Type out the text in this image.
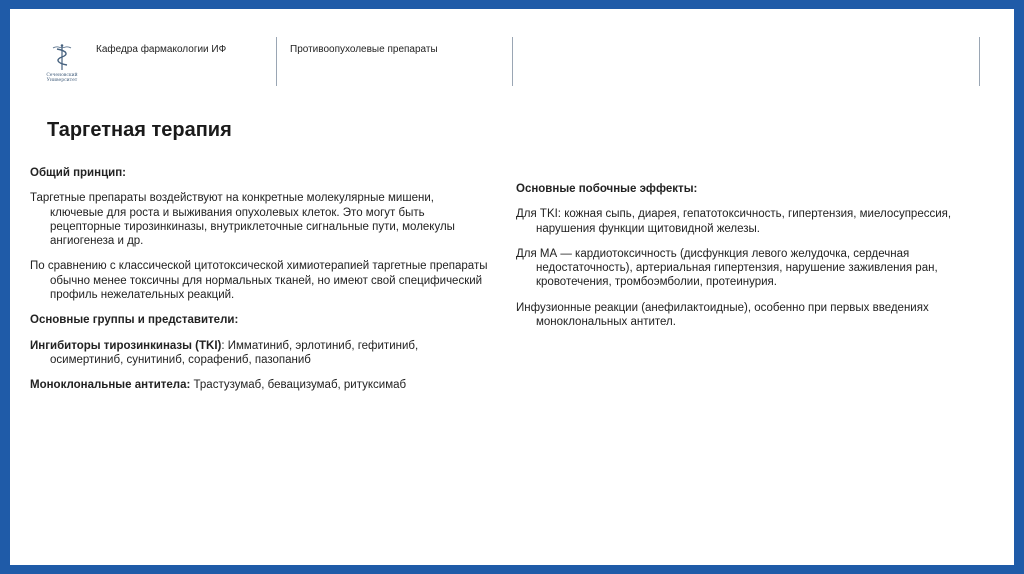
Сеченовский
Университет
Кафедра фармакологии ИФ	Противоопухолевые препараты
Таргетная терапия

Общий принцип:

Таргетные препараты воздействуют на конкретные молекулярные мишени, ключевые для роста и выживания опухолевых клеток. Это могут быть рецепторные тирозинкиназы, внутриклеточные сигнальные пути, молекулы ангиогенеза и др.

По сравнению с классической цитотоксической химиотерапией таргетные препараты обычно менее токсичны для нормальных тканей, но имеют свой специфический профиль нежелательных реакций.

Основные группы и представители:

Ингибиторы тирозинкиназы (TKI): Имматиниб, эрлотиниб, гефитиниб, осимертиниб, сунитиниб, сорафениб, пазопаниб

Моноклональные антитела: Трастузумаб, бевацизумаб, ритуксимаб

Основные побочные эффекты:

Для TKI: кожная сыпь, диарея, гепатотоксичность, гипертензия, миелосупрессия, нарушения функции щитовидной железы.

Для МА — кардиотоксичность (дисфункция левого желудочка, сердечная недостаточность), артериальная гипертензия, нарушение заживления ран, кровотечения, тромбоэмболии, протеинурия.

Инфузионные реакции (анефилактоидные), особенно при первых введениях моноклональных антител.
